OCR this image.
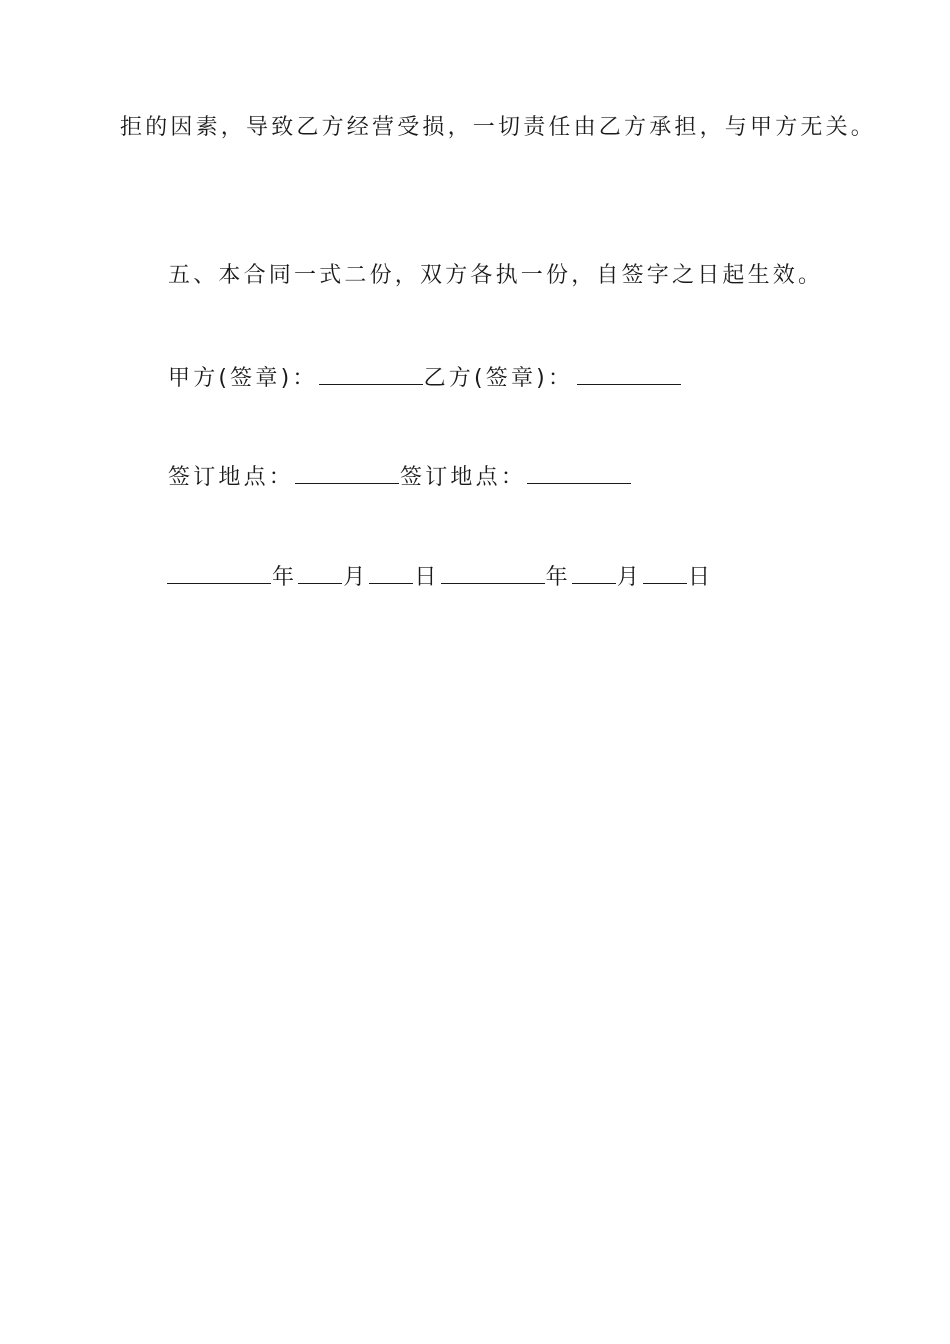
拒的因素，导致乙方经营受损，一切责任由乙方承担，与甲方无关。
五、本合同一式二份，双方各执一份，自签字之日起生效。
甲方(签章)：	乙方(签章)：
签订地点：	签订地点：
年 月 日	年 月 日
